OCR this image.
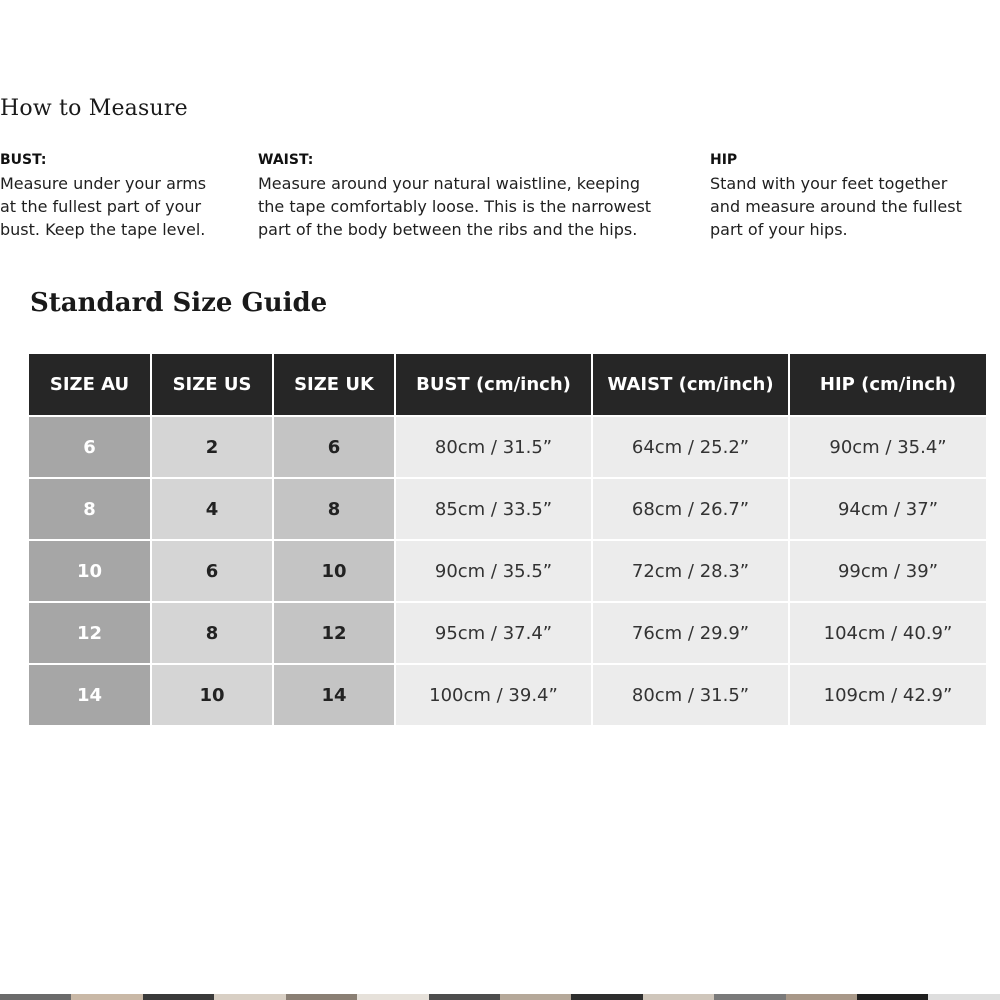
How to Measure
BUST:
Measure under your arms
at the fullest part of your
bust. Keep the tape level.
WAIST:
Measure around your natural waistline, keeping
the tape comfortably loose. This is the narrowest
part of the body between the ribs and the hips.
HIP
Stand with your feet together
and measure around the fullest
part of your hips.
Standard Size Guide
SIZE AU	SIZE US	SIZE UK	BUST (cm/inch)	WAIST (cm/inch)	HIP (cm/inch)
6	2	6	80cm / 31.5”	64cm / 25.2”	90cm / 35.4”
8	4	8	85cm / 33.5”	68cm / 26.7”	94cm / 37”
10	6	10	90cm / 35.5”	72cm / 28.3”	99cm / 39”
12	8	12	95cm / 37.4”	76cm / 29.9”	104cm / 40.9”
14	10	14	100cm / 39.4”	80cm / 31.5”	109cm / 42.9”
